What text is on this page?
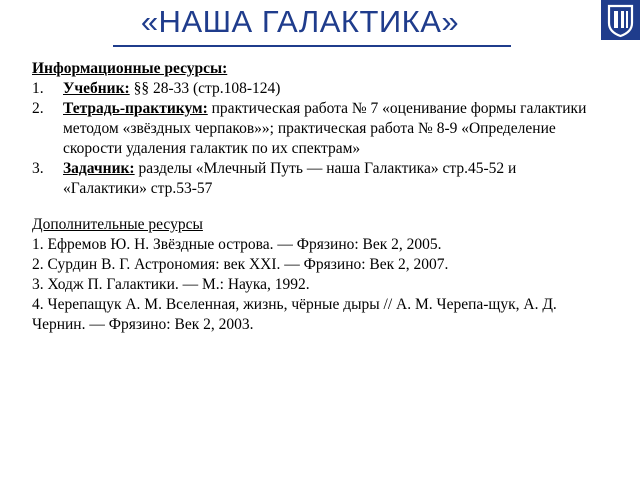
«НАША ГАЛАКТИКА»
Информационные ресурсы:
1. Учебник: §§ 28-33 (стр.108-124)
2. Тетрадь-практикум: практическая работа № 7 «оценивание формы галактики методом «звёздных черпаков»»; практическая работа № 8-9 «Определение скорости удаления галактик по их спектрам»
3. Задачник: разделы «Млечный Путь — наша Галактика» стр.45-52 и «Галактики» стр.53-57
Дополнительные ресурсы
1. Ефремов Ю. Н. Звёздные острова. — Фрязино: Век 2, 2005.
2. Сурдин В. Г. Астрономия: век XXI. — Фрязино: Век 2, 2007.
3. Ходж П. Галактики. — М.: Наука, 1992.
4. Черепащук А. М. Вселенная, жизнь, чёрные дыры // А. М. Черепа-щук, А. Д. Чернин. — Фрязино: Век 2, 2003.
